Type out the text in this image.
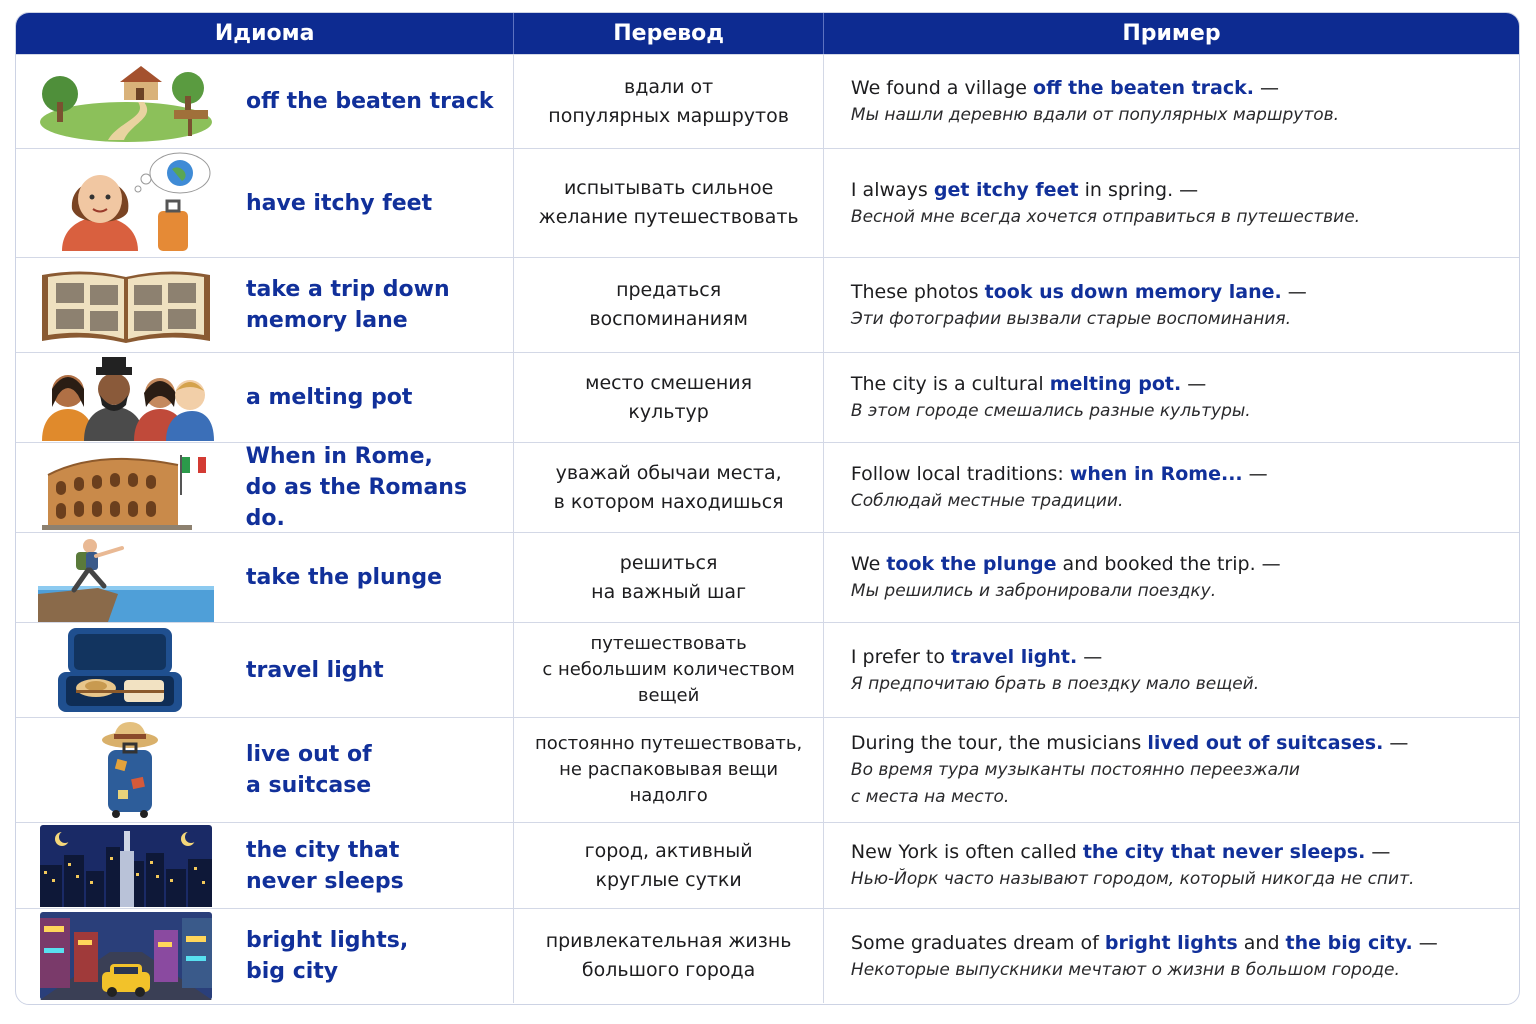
Идиома	Перевод	Пример
off the beaten track
вдали от
популярных маршрутов
We found a village off the beaten track. —
Мы нашли деревню вдали от популярных маршрутов.
have itchy feet
испытывать сильное
желание путешествовать
I always get itchy feet in spring. —
Весной мне всегда хочется отправиться в путешествие.
take a trip down
memory lane
предаться
воспоминаниям
These photos took us down memory lane. —
Эти фотографии вызвали старые воспоминания.
a melting pot
место смешения
культур
The city is a cultural melting pot. —
В этом городе смешались разные культуры.
When in Rome,
do as the Romans do.
уважай обычаи места,
в котором находишься
Follow local traditions: when in Rome... —
Соблюдай местные традиции.
take the plunge
решиться
на важный шаг
We took the plunge and booked the trip. —
Мы решились и забронировали поездку.
travel light
путешествовать
с небольшим количеством
вещей
I prefer to travel light. —
Я предпочитаю брать в поездку мало вещей.
live out of
a suitcase
постоянно путешествовать,
не распаковывая вещи
надолго
During the tour, the musicians lived out of suitcases. —
Во время тура музыканты постоянно переезжали
с места на место.
the city that
never sleeps
город, активный
круглые сутки
New York is often called the city that never sleeps. —
Нью-Йорк часто называют городом, который никогда не спит.
bright lights,
big city
привлекательная жизнь
большого города
Some graduates dream of bright lights and the big city. —
Некоторые выпускники мечтают о жизни в большом городе.
